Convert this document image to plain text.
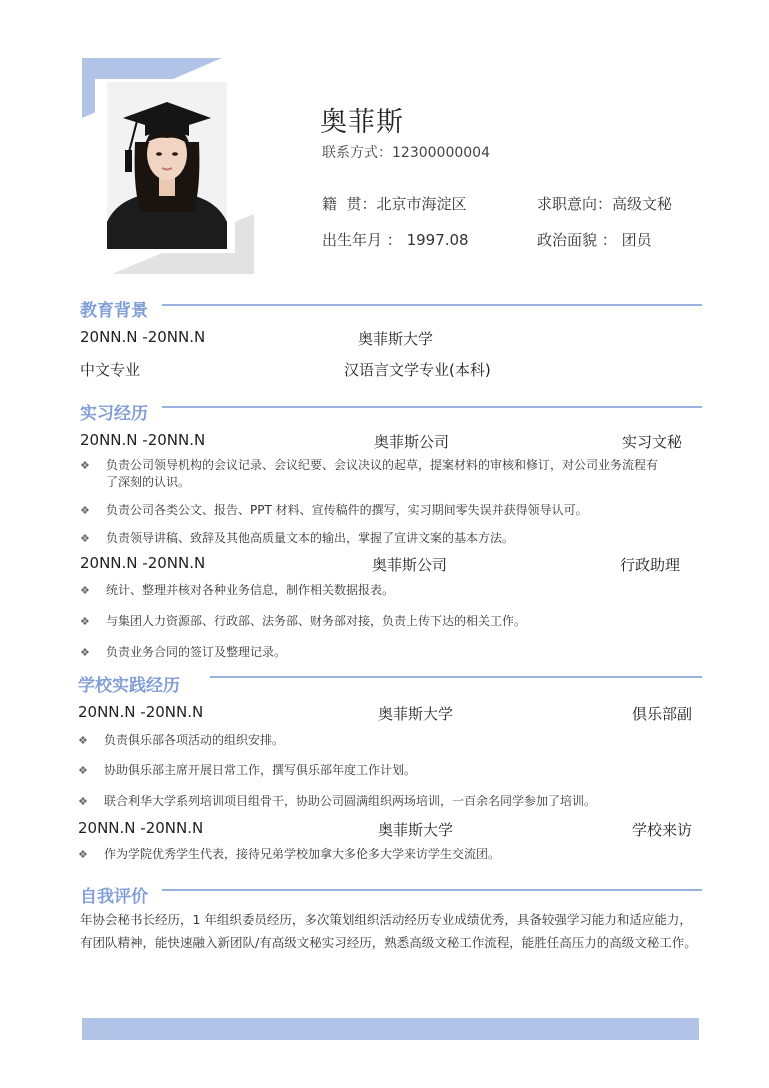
奥菲斯
联系方式：12300000004
籍  贯：北京市海淀区	求职意向：高级文秘
出生年月 ： 1997.08	政治面貌 ： 团员
教育背景
20NN.N -20NN.N	奥菲斯大学
中文专业	汉语言文学专业(本科)
实习经历
20NN.N -20NN.N	奥菲斯公司	实习文秘
❖ 负责公司领导机构的会议记录、会议纪要、会议决议的起草，提案材料的审核和修订，对公司业务流程有
了深刻的认识。
❖ 负责公司各类公文、报告、PPT 材料、宣传稿件的撰写，实习期间零失误并获得领导认可。
❖ 负责领导讲稿、致辞及其他高质量文本的输出，掌握了宣讲文案的基本方法。
20NN.N -20NN.N	奥菲斯公司	行政助理
❖ 统计、整理并核对各种业务信息，制作相关数据报表。
❖ 与集团人力资源部、行政部、法务部、财务部对接，负责上传下达的相关工作。
❖ 负责业务合同的签订及整理记录。
学校实践经历
20NN.N -20NN.N	奥菲斯大学	俱乐部副
❖ 负责俱乐部各项活动的组织安排。
❖ 协助俱乐部主席开展日常工作，撰写俱乐部年度工作计划。
❖ 联合利华大学系列培训项目组骨干，协助公司圆满组织两场培训，一百余名同学参加了培训。
20NN.N -20NN.N	奥菲斯大学	学校来访
❖ 作为学院优秀学生代表，接待兄弟学校加拿大多伦多大学来访学生交流团。
自我评价
年协会秘书长经历，1 年组织委员经历，多次策划组织活动经历专业成绩优秀，具备较强学习能力和适应能力，有团队精神，能快速融入新团队/有高级文秘实习经历，熟悉高级文秘工作流程，能胜任高压力的高级文秘工作。
